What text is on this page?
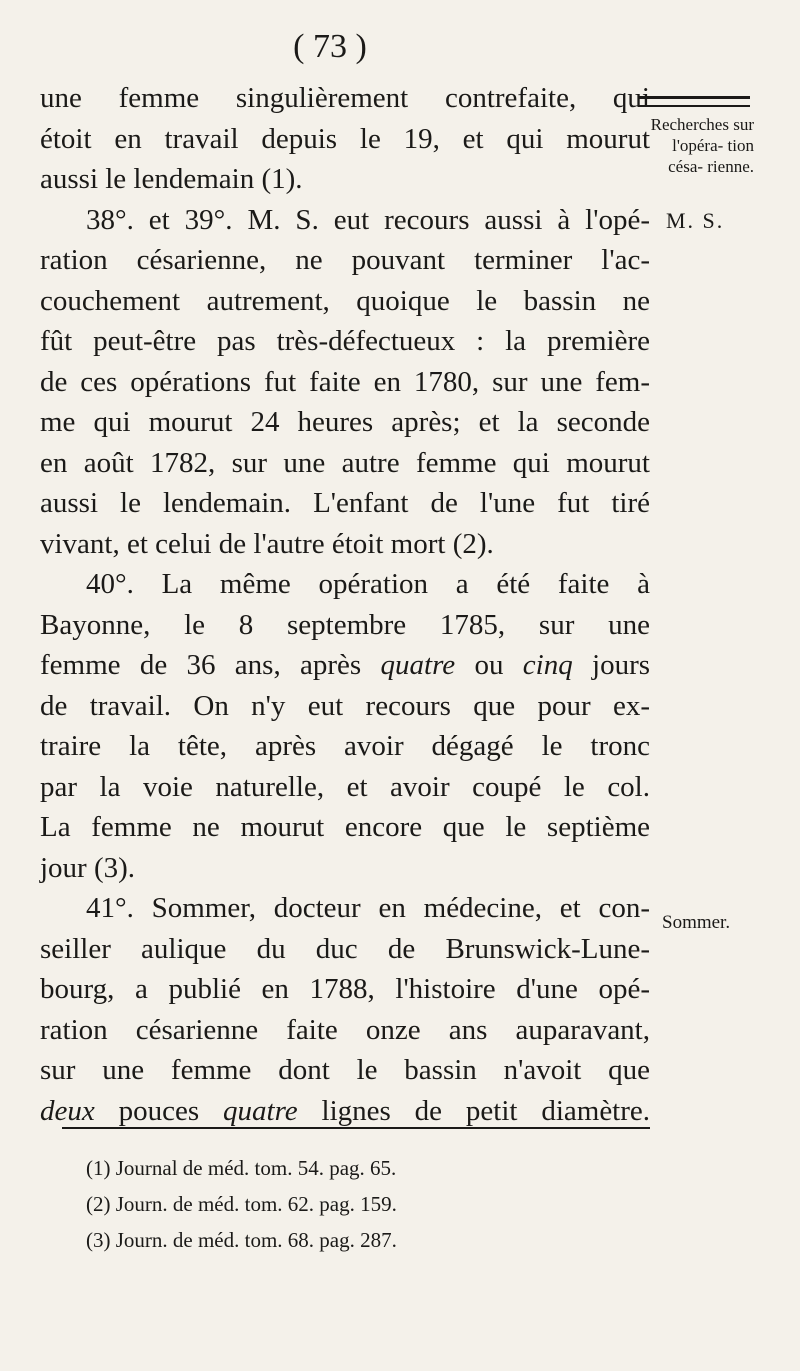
( 73 )
Recherches sur l'opéra- tion césa- rienne.
M. S.
Sommer.
une femme singulièrement contrefaite, qui
étoit en travail depuis le 19, et qui mourut
aussi le lendemain (1).
38°. et 39°. M. S. eut recours aussi à l'opé-
ration césarienne, ne pouvant terminer l'ac-
couchement autrement, quoique le bassin ne
fût peut-être pas très-défectueux : la première
de ces opérations fut faite en 1780, sur une fem-
me qui mourut 24 heures après; et la seconde
en août 1782, sur une autre femme qui mourut
aussi le lendemain. L'enfant de l'une fut tiré
vivant, et celui de l'autre étoit mort (2).
40°. La même opération a été faite à
Bayonne, le 8 septembre 1785, sur une
femme de 36 ans, après quatre ou cinq jours
de travail. On n'y eut recours que pour ex-
traire la tête, après avoir dégagé le tronc
par la voie naturelle, et avoir coupé le col.
La femme ne mourut encore que le septième
jour (3).
41°. Sommer, docteur en médecine, et con-
seiller aulique du duc de Brunswick-Lune-
bourg, a publié en 1788, l'histoire d'une opé-
ration césarienne faite onze ans auparavant,
sur une femme dont le bassin n'avoit que
deux pouces quatre lignes de petit diamètre.
(1) Journal de méd. tom. 54. pag. 65.
(2) Journ. de méd. tom. 62. pag. 159.
(3) Journ. de méd. tom. 68. pag. 287.
